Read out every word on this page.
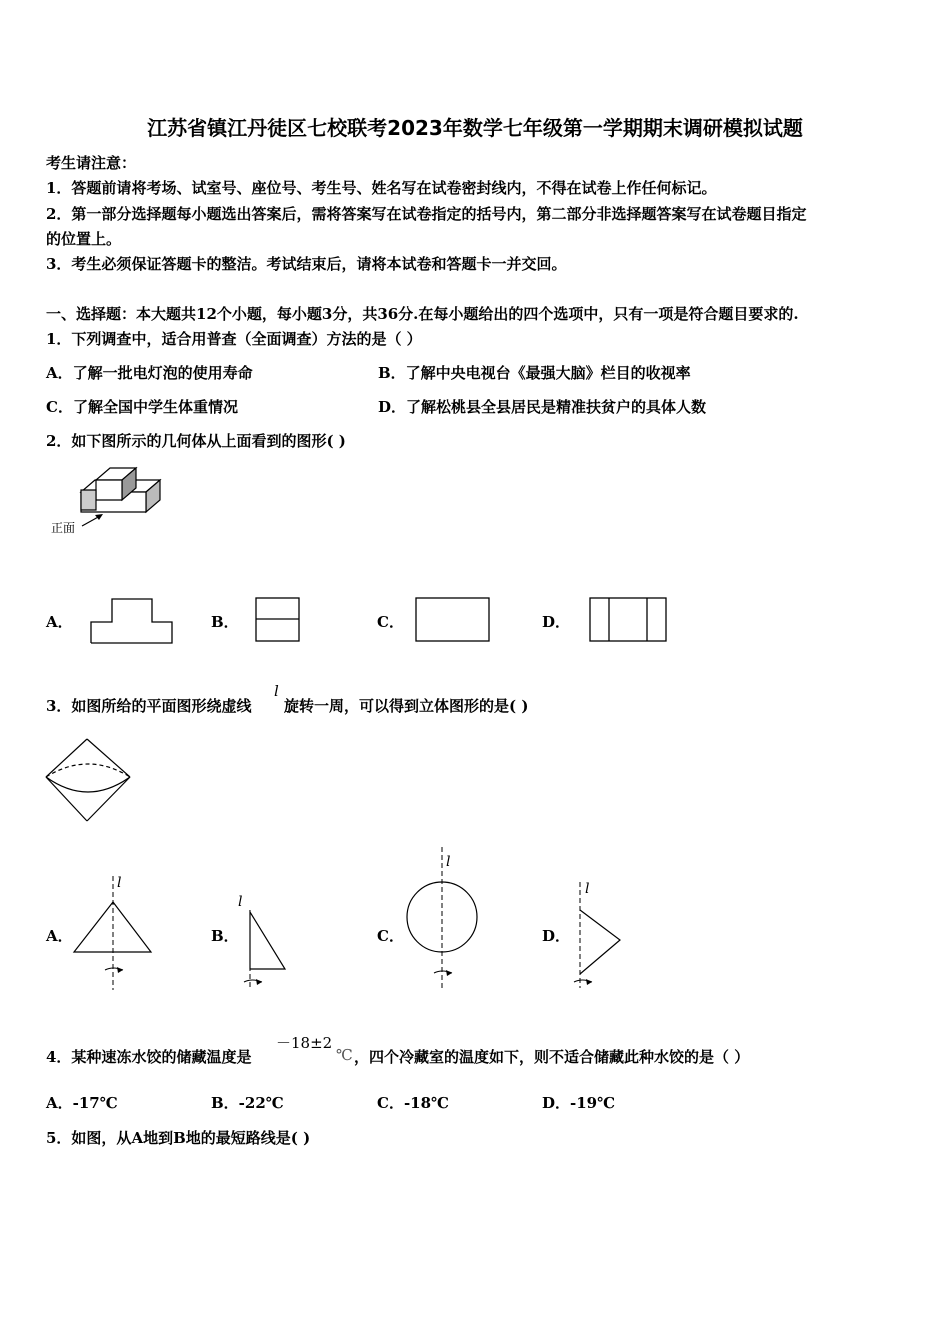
江苏省镇江丹徒区七校联考2023年数学七年级第一学期期末调研模拟试题
考生请注意：
1．答题前请将考场、试室号、座位号、考生号、姓名写在试卷密封线内，不得在试卷上作任何标记。
2．第一部分选择题每小题选出答案后，需将答案写在试卷指定的括号内，第二部分非选择题答案写在试卷题目指定
的位置上。
3．考生必须保证答题卡的整洁。考试结束后，请将本试卷和答题卡一并交回。
一、选择题：本大题共12个小题，每小题3分，共36分.在每小题给出的四个选项中，只有一项是符合题目要求的.
1．下列调查中，适合用普查（全面调查）方法的是（ ）
A．了解一批电灯泡的使用寿命	B．了解中央电视台《最强大脑》栏目的收视率
C．了解全国中学生体重情况	D．了解松桃县全县居民是精准扶贫户的具体人数
2．如下图所示的几何体从上面看到的图形( )
正面
A．	B．	C．	D．
3．如图所给的平面图形绕虚线
l
旋转一周，可以得到立体图形的是( )
A．
l
B．
l
C．
l
D．
l
4．某种速冻水饺的储藏温度是
－18±2
℃ ，四个冷藏室的温度如下，则不适合储藏此种水饺的是（ ）
A．-17℃	B．-22℃	C．-18℃	D．-19℃
5．如图，从A地到B地的最短路线是( )
